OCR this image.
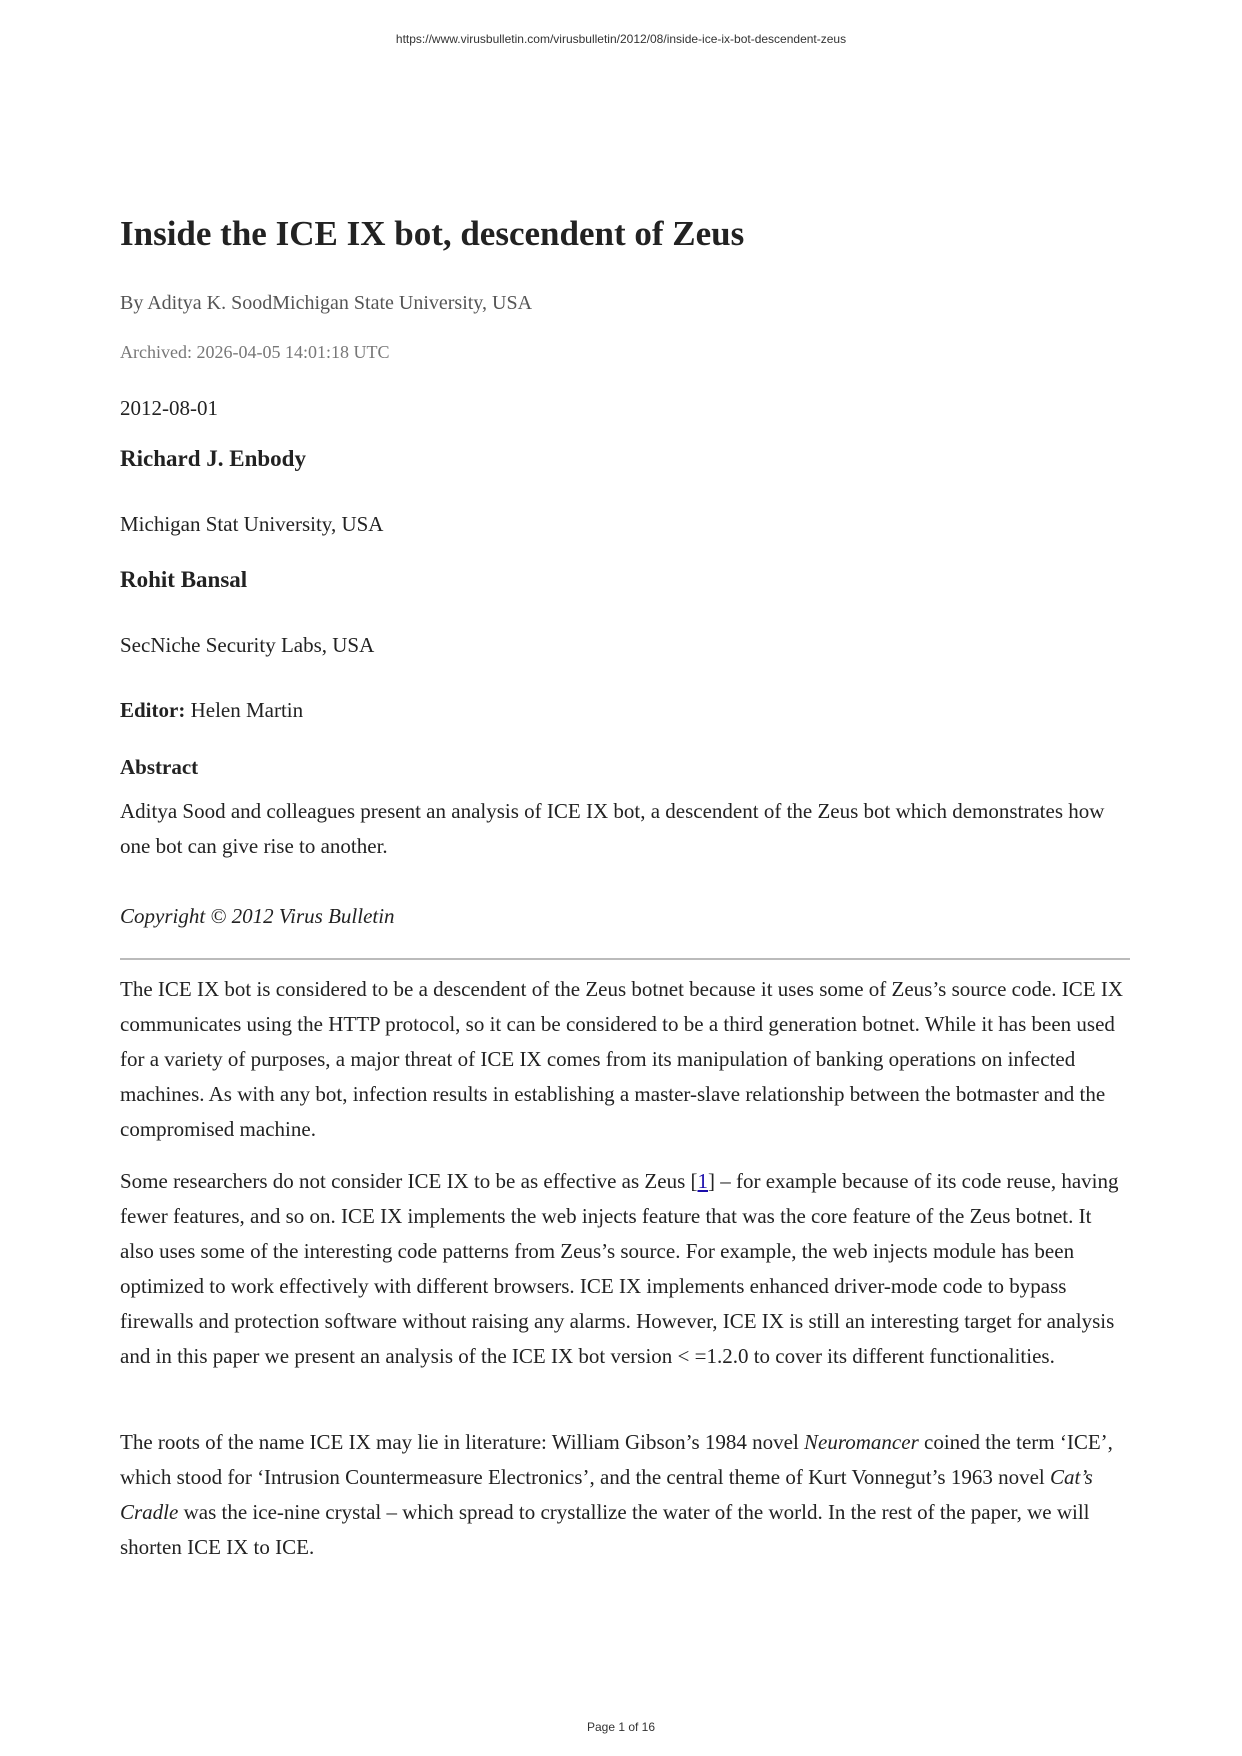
https://www.virusbulletin.com/virusbulletin/2012/08/inside-ice-ix-bot-descendent-zeus
Inside the ICE IX bot, descendent of Zeus
By Aditya K. SoodMichigan State University, USA
Archived: 2026-04-05 14:01:18 UTC
2012-08-01
Richard J. Enbody
Michigan Stat University, USA
Rohit Bansal
SecNiche Security Labs, USA
Editor: Helen Martin
Abstract

Aditya Sood and colleagues present an analysis of ICE IX bot, a descendent of the Zeus bot which demonstrates how one bot can give rise to another.

Copyright © 2012 Virus Bulletin

The ICE IX bot is considered to be a descendent of the Zeus botnet because it uses some of Zeus’s source code. ICE IX communicates using the HTTP protocol, so it can be considered to be a third generation botnet. While it has been used for a variety of purposes, a major threat of ICE IX comes from its manipulation of banking operations on infected machines. As with any bot, infection results in establishing a master-slave relationship between the botmaster and the compromised machine.

Some researchers do not consider ICE IX to be as effective as Zeus [1] – for example because of its code reuse, having fewer features, and so on. ICE IX implements the web injects feature that was the core feature of the Zeus botnet. It also uses some of the interesting code patterns from Zeus’s source. For example, the web injects module has been optimized to work effectively with different browsers. ICE IX implements enhanced driver-mode code to bypass firewalls and protection software without raising any alarms. However, ICE IX is still an interesting target for analysis and in this paper we present an analysis of the ICE IX bot version < =1.2.0 to cover its different functionalities.

The roots of the name ICE IX may lie in literature: William Gibson’s 1984 novel Neuromancer coined the term ‘ICE’, which stood for ‘Intrusion Countermeasure Electronics’, and the central theme of Kurt Vonnegut’s 1963 novel Cat’s Cradle was the ice-nine crystal – which spread to crystallize the water of the world. In the rest of the paper, we will shorten ICE IX to ICE.

Page 1 of 16
